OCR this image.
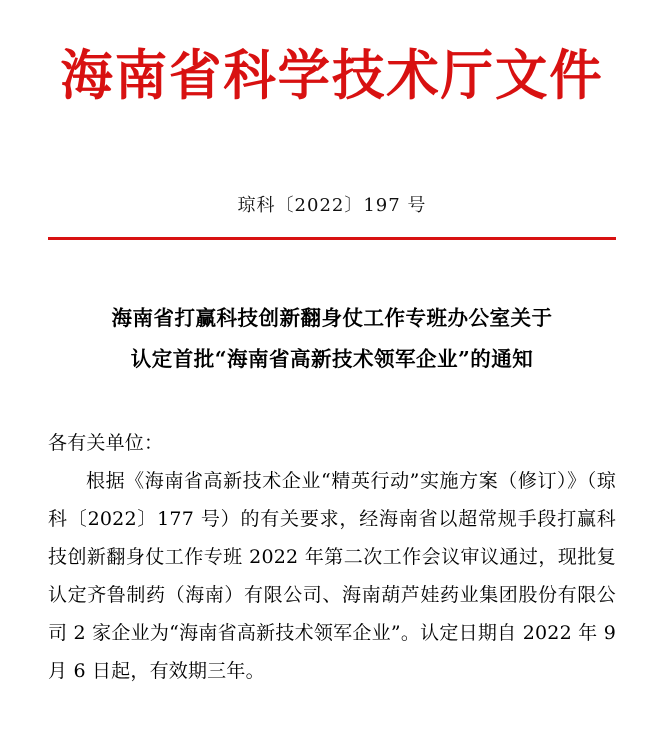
海南省科学技术厅文件
琼科〔2022〕197 号
海南省打赢科技创新翻身仗工作专班办公室关于
认定首批“海南省高新技术领军企业”的通知
各有关单位：
根据《海南省高新技术企业“精英行动”实施方案（修订）》（琼科〔2022〕177 号）的有关要求，经海南省以超常规手段打赢科技创新翻身仗工作专班 2022 年第二次工作会议审议通过，现批复认定齐鲁制药（海南）有限公司、海南葫芦娃药业集团股份有限公司 2 家企业为“海南省高新技术领军企业”。认定日期自 2022 年 9 月 6 日起，有效期三年。
